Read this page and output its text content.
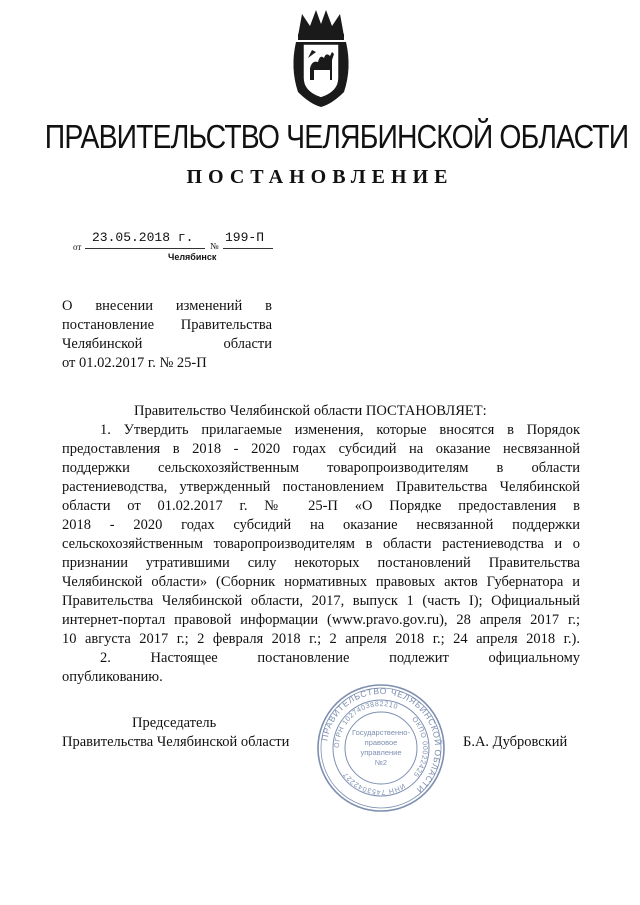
ПРАВИТЕЛЬСТВО ЧЕЛЯБИНСКОЙ ОБЛАСТИ
ПОСТАНОВЛЕНИЕ
от
23.05.2018 г.
№
199-П
Челябинск
О внесении изменений в
постановление Правительства
Челябинской области
от 01.02.2017 г. № 25-П
Правительство Челябинской области ПОСТАНОВЛЯЕТ:
1. Утвердить прилагаемые изменения, которые вносятся в Порядок
предоставления в 2018 - 2020 годах субсидий на оказание несвязанной
поддержки сельскохозяйственным товаропроизводителям в области
растениеводства, утвержденный постановлением Правительства Челябинской
области от 01.02.2017 г. № 25-П «О Порядке предоставления в
2018 - 2020 годах субсидий на оказание несвязанной поддержки
сельскохозяйственным товаропроизводителям в области растениеводства и о
признании утратившими силу некоторых постановлений Правительства
Челябинской области» (Сборник нормативных правовых актов Губернатора и
Правительства Челябинской области, 2017, выпуск 1 (часть I); Официальный
интернет-портал правовой информации (www.pravo.gov.ru), 28 апреля 2017 г.;
10 августа 2017 г.; 2 февраля 2018 г.; 2 апреля 2018 г.; 24 апреля 2018 г.).
2. Настоящее постановление подлежит официальному
опубликованию.
Председатель
Правительства Челябинской области	Б.А. Дубровский
ПРАВИТЕЛЬСТВО ЧЕЛЯБИНСКОЙ ОБЛАСТИ
ОГРН 1027403882210
ОКПО 00022425
ИНН 7453042227
Государственно-
правовое
управление
№2
